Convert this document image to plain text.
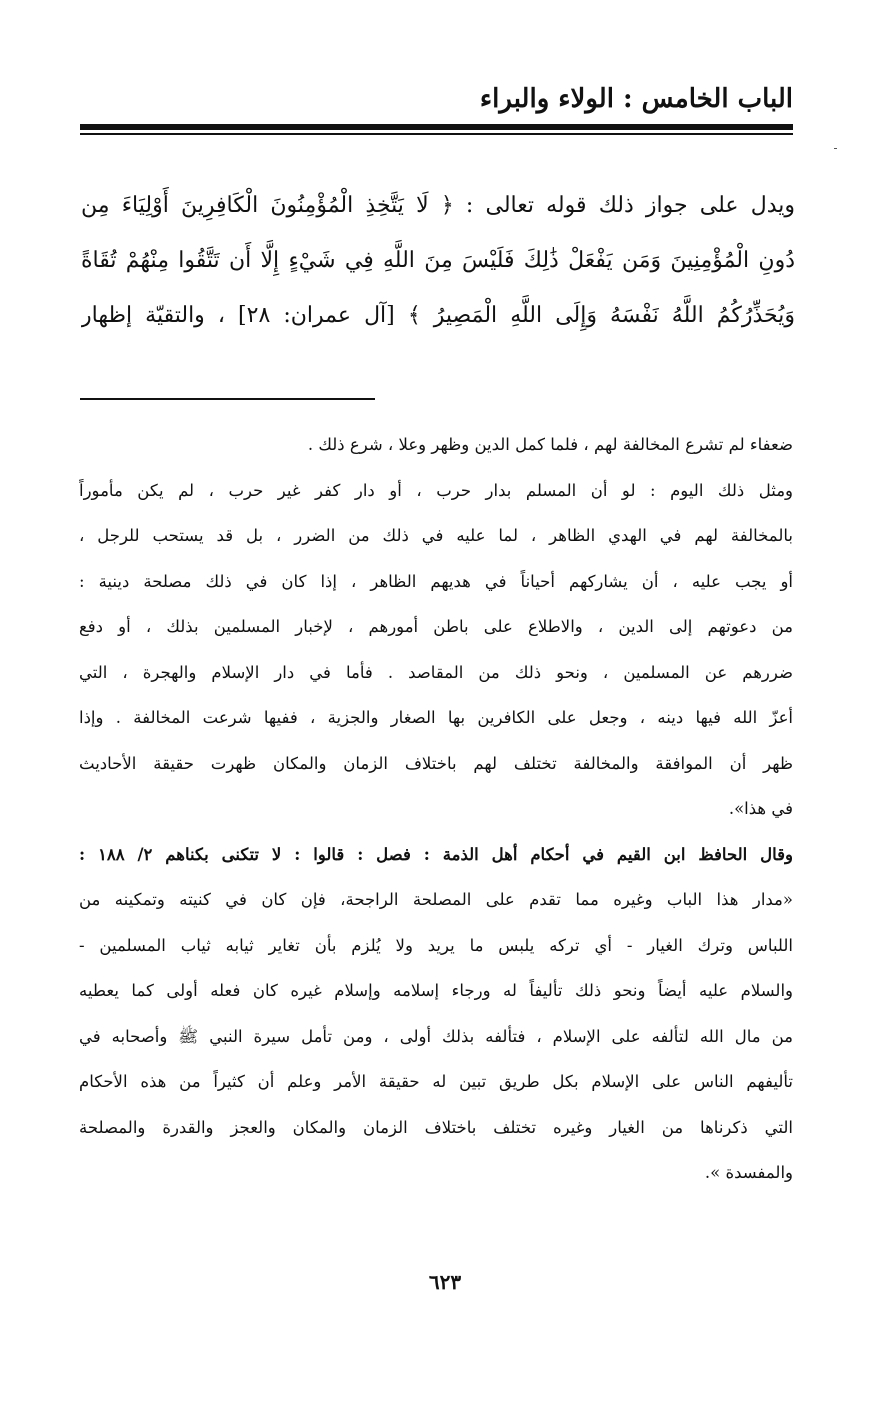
الباب الخامس : الولاء والبراء
ويدل على جواز ذلك قوله تعالى : ﴿ لَا يَتَّخِذِ الْمُؤْمِنُونَ الْكَافِرِينَ أَوْلِيَاءَ مِن
دُونِ الْمُؤْمِنِينَ وَمَن يَفْعَلْ ذَٰلِكَ فَلَيْسَ مِنَ اللَّهِ فِي شَيْءٍ إِلَّا أَن تَتَّقُوا مِنْهُمْ تُقَاةً
وَيُحَذِّرُكُمُ اللَّهُ نَفْسَهُ وَإِلَى اللَّهِ الْمَصِيرُ ﴾ [آل عمران: ٢٨] ، والتقيّة إظهار
ضعفاء لم تشرع المخالفة لهم ، فلما كمل الدين وظهر وعلا ، شرع ذلك .
ومثل ذلك اليوم : لو أن المسلم بدار حرب ، أو دار كفر غير حرب ، لم يكن مأموراً
بالمخالفة لهم في الهدي الظاهر ، لما عليه في ذلك من الضرر ، بل قد يستحب للرجل ،
أو يجب عليه ، أن يشاركهم أحياناً في هديهم الظاهر ، إذا كان في ذلك مصلحة دينية :
من دعوتهم إلى الدين ، والاطلاع على باطن أمورهم ، لإخبار المسلمين بذلك ، أو دفع
ضررهم عن المسلمين ، ونحو ذلك من المقاصد . فأما في دار الإسلام والهجرة ، التي
أعزّ الله فيها دينه ، وجعل على الكافرين بها الصغار والجزية ، ففيها شرعت المخالفة . وإذا
ظهر أن الموافقة والمخالفة تختلف لهم باختلاف الزمان والمكان ظهرت حقيقة الأحاديث
في هذا».
وقال الحافظ ابن القيم في أحكام أهل الذمة : فصل : قالوا : لا تتكنى بكناهم ٢/ ١٨٨ :
«مدار هذا الباب وغيره مما تقدم على المصلحة الراجحة، فإن كان في كنيته وتمكينه من
اللباس وترك الغيار - أي تركه يلبس ما يريد ولا يُلزم بأن تغاير ثيابه ثياب المسلمين -
والسلام عليه أيضاً ونحو ذلك تأليفاً له ورجاء إسلامه وإسلام غيره كان فعله أولى كما يعطيه
من مال الله لتألفه على الإسلام ، فتألفه بذلك أولى ، ومن تأمل سيرة النبي ﷺ وأصحابه في
تأليفهم الناس على الإسلام بكل طريق تبين له حقيقة الأمر وعلم أن كثيراً من هذه الأحكام
التي ذكرناها من الغيار وغيره تختلف باختلاف الزمان والمكان والعجز والقدرة والمصلحة
والمفسدة ».
٦٢٣
